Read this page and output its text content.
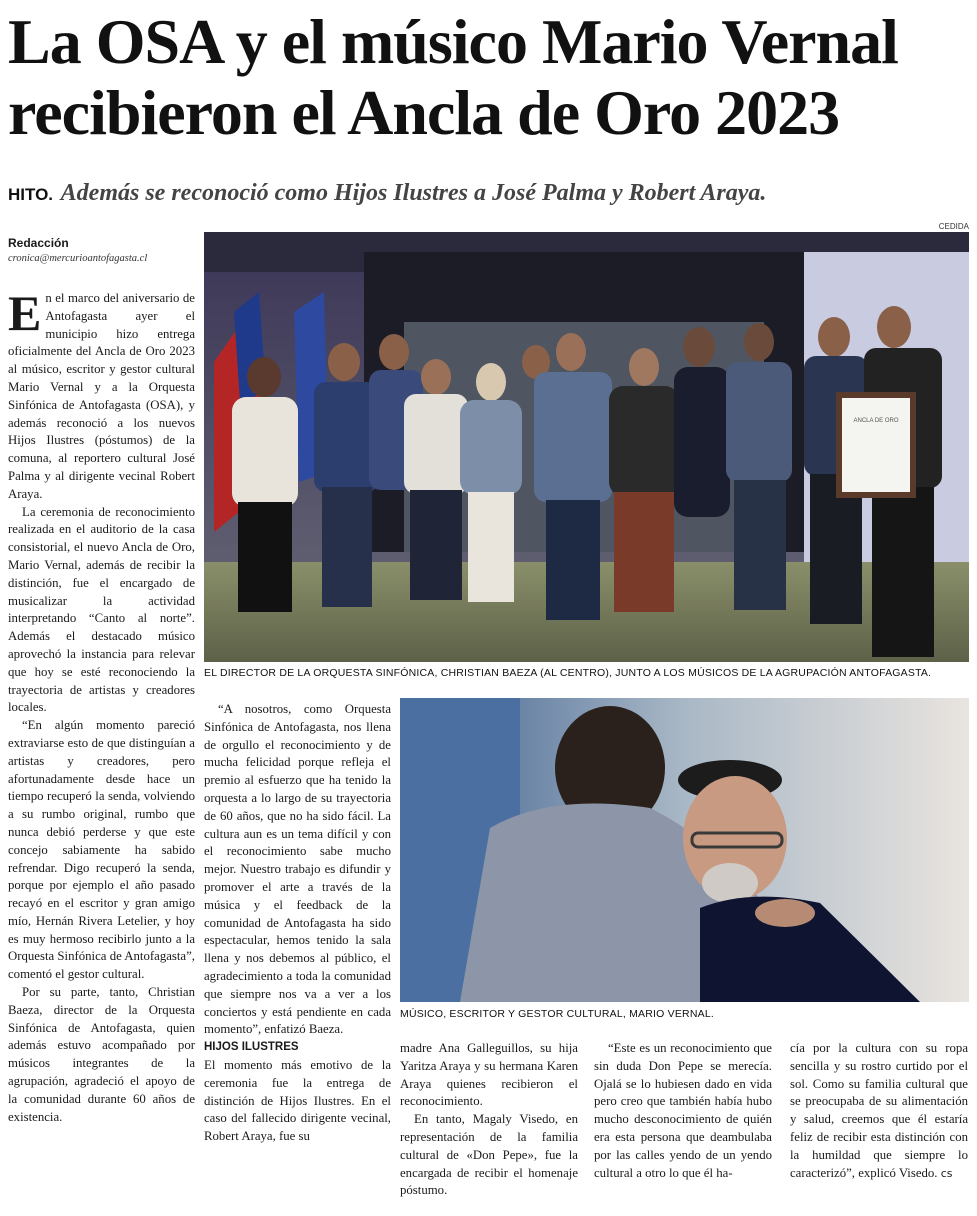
La OSA y el músico Mario Vernal
recibieron el Ancla de Oro 2023
HITO. Además se reconoció como Hijos Ilustres a José Palma y Robert Araya.
CEDIDA
Redacción
cronica@mercurioantofagasta.cl
ANCLA DE ORO
EL DIRECTOR DE LA ORQUESTA SINFÓNICA, CHRISTIAN BAEZA (AL CENTRO), JUNTO A LOS MÚSICOS DE LA AGRUPACIÓN ANTOFAGASTA.
MÚSICO, ESCRITOR Y GESTOR CULTURAL, MARIO VERNAL.

En el marco del aniversario de Antofagasta ayer el municipio hizo entrega oficialmente del Ancla de Oro 2023 al músico, escritor y gestor cultural Mario Vernal y a la Orquesta Sinfónica de Antofagasta (OSA), y además reconoció a los nuevos Hijos Ilustres (póstumos) de la comuna, al reportero cultural José Palma y al dirigente vecinal Robert Araya.

La ceremonia de reconocimiento realizada en el auditorio de la casa consistorial, el nuevo Ancla de Oro, Mario Vernal, además de recibir la distinción, fue el encargado de musicalizar la actividad interpretando “Canto al norte”. Además el destacado músico aprovechó la instancia para relevar que hoy se esté reconociendo la trayectoria de artistas y creadores locales.

“En algún momento pareció extraviarse esto de que distinguían a artistas y creadores, pero afortunadamente desde hace un tiempo recuperó la senda, volviendo a su rumbo original, rumbo que nunca debió perderse y que este concejo sabiamente ha sabido refrendar. Digo recuperó la senda, porque por ejemplo el año pasado recayó en el escritor y gran amigo mío, Hernán Rivera Letelier, y hoy es muy hermoso recibirlo junto a la Orquesta Sinfónica de Antofagasta”, comentó el gestor cultural.

Por su parte, tanto, Christian Baeza, director de la Orquesta Sinfónica de Antofagasta, quien además estuvo acompañado por músicos integrantes de la agrupación, agradeció el apoyo de la comunidad durante 60 años de existencia.

“A nosotros, como Orquesta Sinfónica de Antofagasta, nos llena de orgullo el reconocimiento y de mucha felicidad porque refleja el premio al esfuerzo que ha tenido la orquesta a lo largo de su trayectoria de 60 años, que no ha sido fácil. La cultura aun es un tema difícil y con el reconocimiento sabe mucho mejor. Nuestro trabajo es difundir y promover el arte a través de la música y el feedback de la comunidad de Antofagasta ha sido espectacular, hemos tenido la sala llena y nos debemos al público, el agradecimiento a toda la comunidad que siempre nos va a ver a los conciertos y está pendiente en cada momento”, enfatizó Baeza.

HIJOS ILUSTRES

El momento más emotivo de la ceremonia fue la entrega de distinción de Hijos Ilustres. En el caso del fallecido dirigente vecinal, Robert Araya, fue su

madre Ana Galleguillos, su hija Yaritza Araya y su hermana Karen Araya quienes recibieron el reconocimiento.

En tanto, Magaly Visedo, en representación de la familia cultural de «Don Pepe», fue la encargada de recibir el homenaje póstumo.

“Este es un reconocimiento que sin duda Don Pepe se merecía. Ojalá se lo hubiesen dado en vida pero creo que también había hubo mucho desconocimiento de quién era esta persona que deambulaba por las calles yendo de un yendo cultural a otro lo que él ha-

cía por la cultura con su ropa sencilla y su rostro curtido por el sol. Como su familia cultural que se preocupaba de su alimentación y salud, creemos que él estaría feliz de recibir esta distinción con la humildad que siempre lo caracterizó”, explicó Visedo. cs
